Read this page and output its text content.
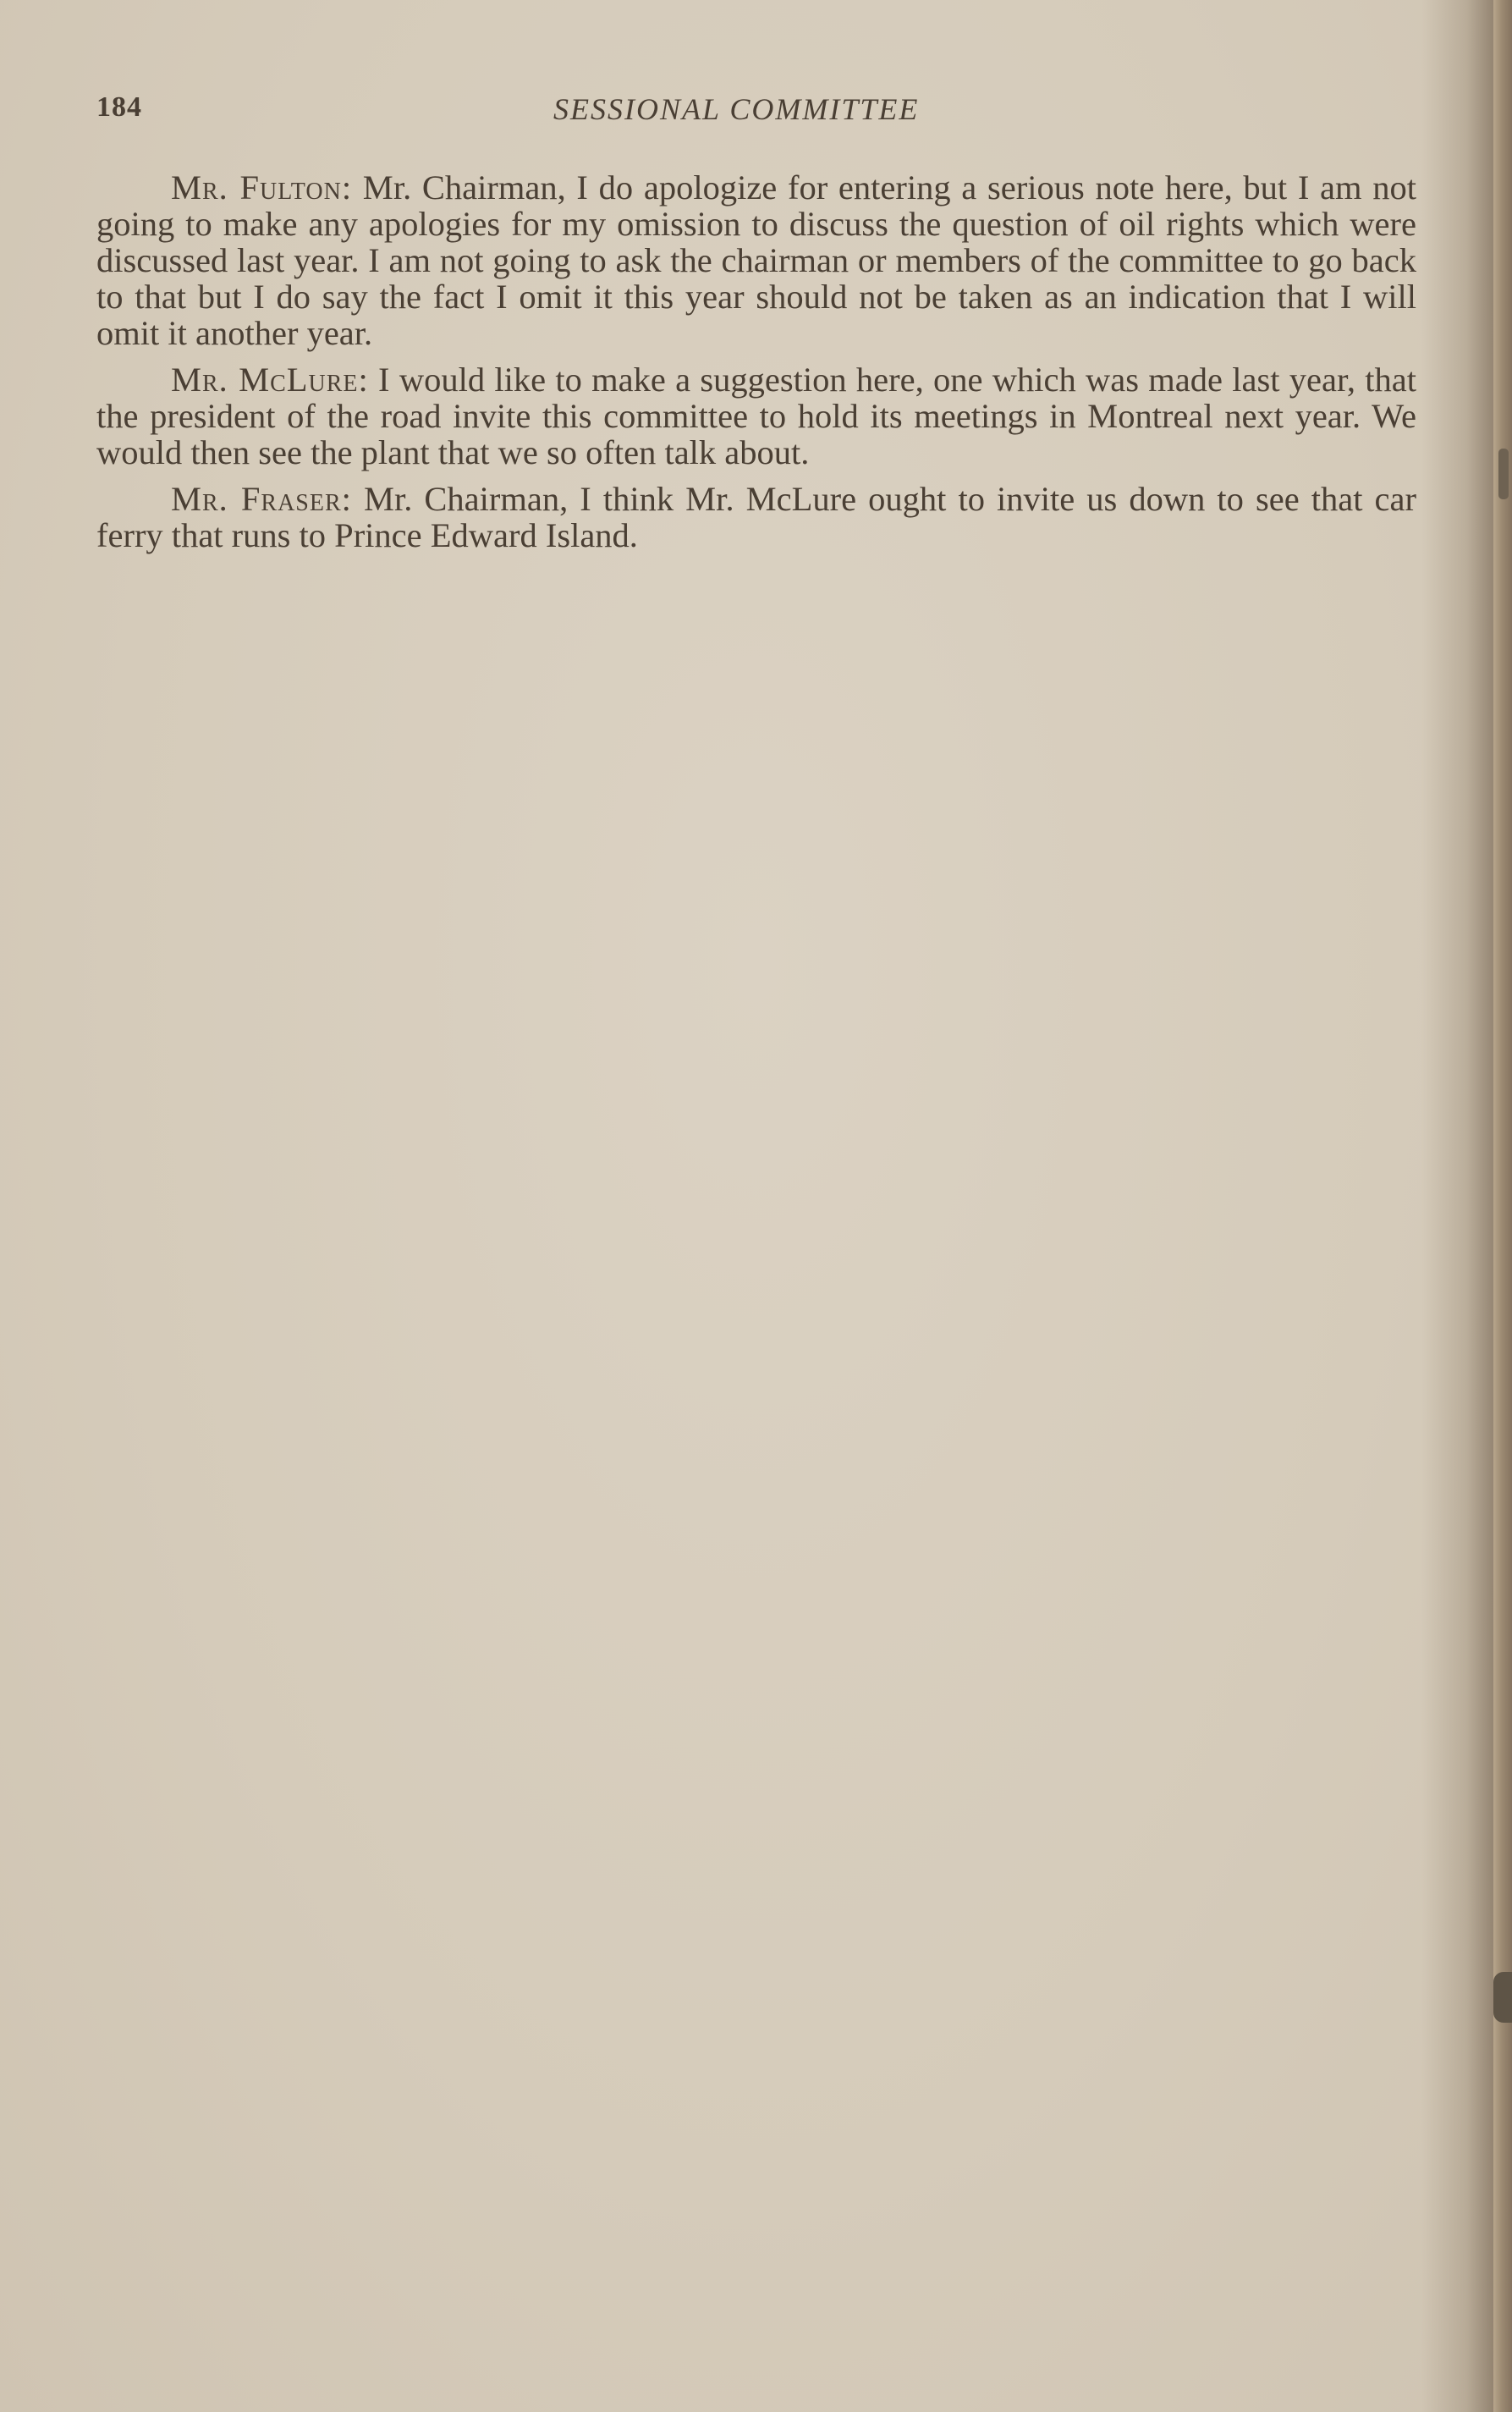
184	SESSIONAL COMMITTEE

Mr. Fulton: Mr. Chairman, I do apologize for entering a serious note here, but I am not going to make any apologies for my omission to discuss the question of oil rights which were discussed last year. I am not going to ask the chairman or members of the committee to go back to that but I do say the fact I omit it this year should not be taken as an indication that I will omit it another year.

Mr. McLure: I would like to make a suggestion here, one which was made last year, that the president of the road invite this committee to hold its meetings in Montreal next year. We would then see the plant that we so often talk about.

Mr. Fraser: Mr. Chairman, I think Mr. McLure ought to invite us down to see that car ferry that runs to Prince Edward Island.
